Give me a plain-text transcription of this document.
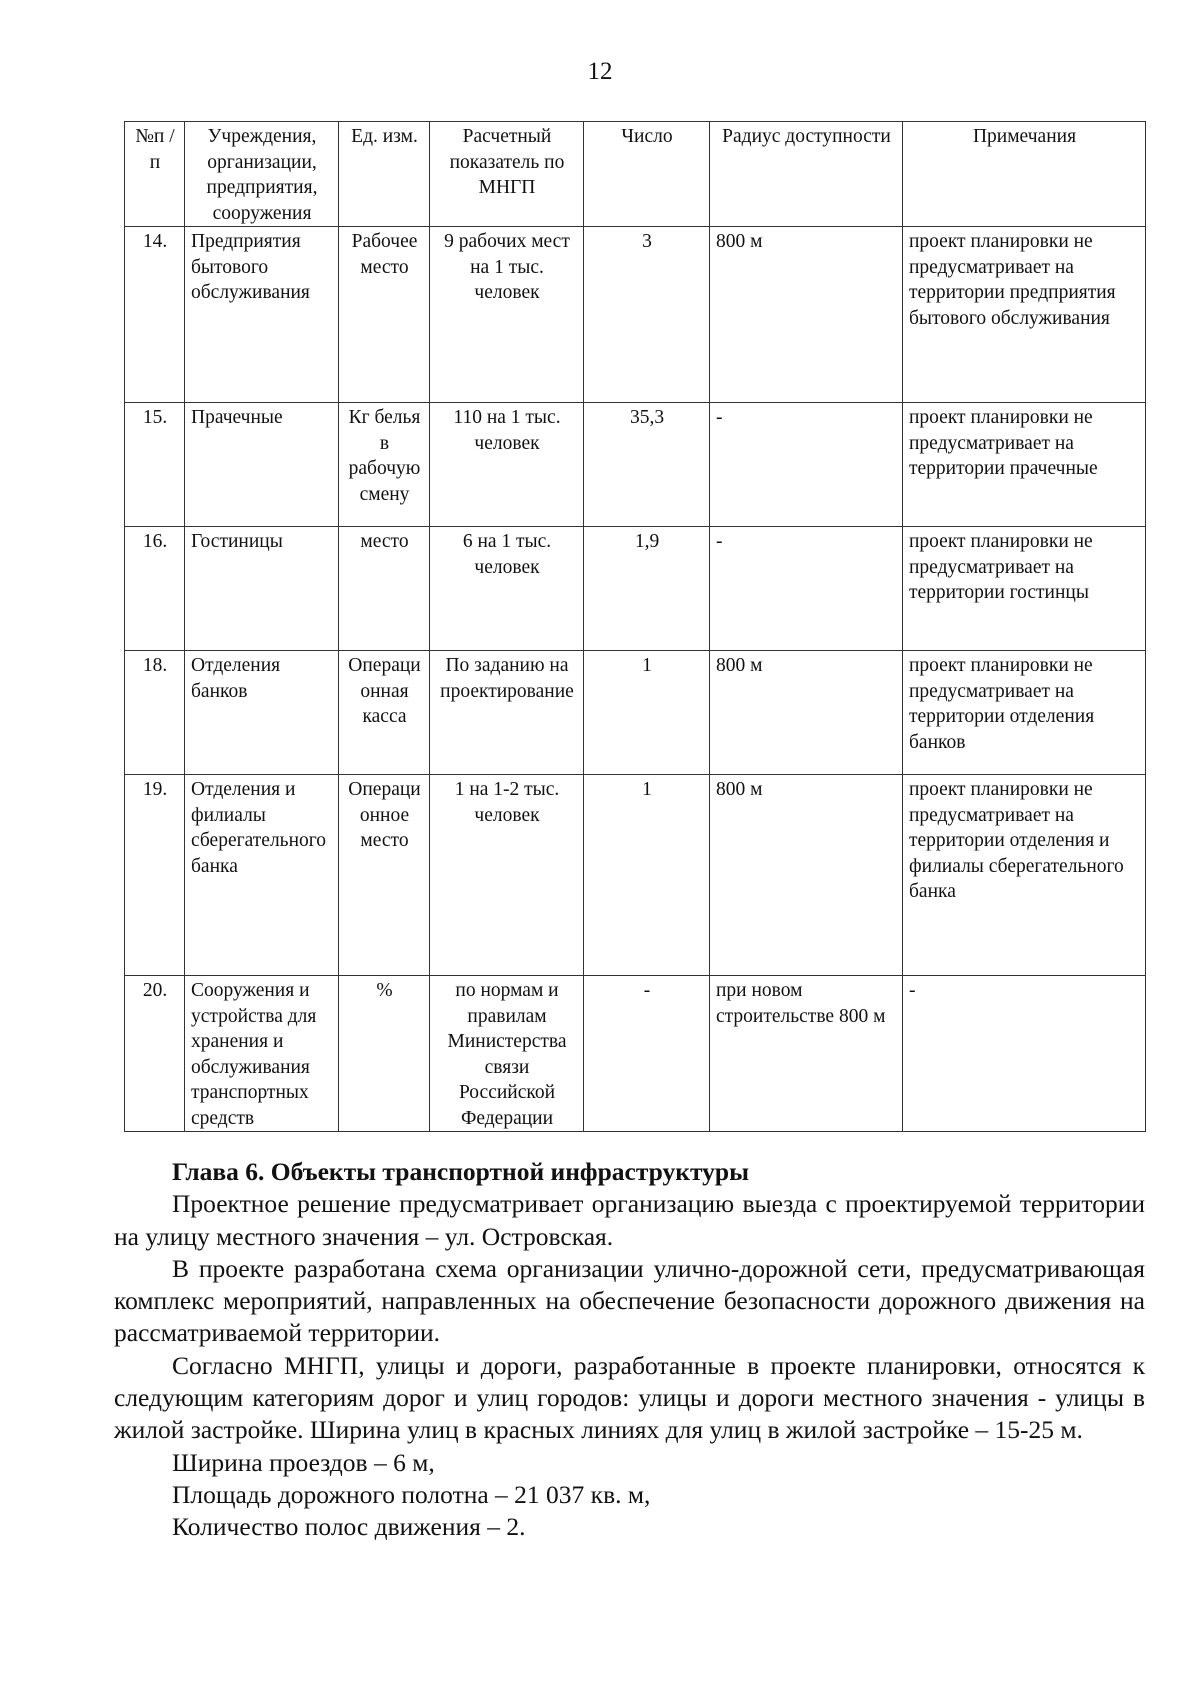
12
№п /п	Учреждения, организации, предприятия, сооружения	Ед. изм.	Расчетный показатель по МНГП	Число	Радиус доступности	Примечания
14.	Предприятия бытового обслуживания	Рабочее место	9 рабочих мест на 1 тыс. человек	3	800 м	проект планировки не предусматривает на территории предприятия бытового обслуживания
15.	Прачечные	Кг белья в рабочую смену	110 на 1 тыс. человек	35,3	-	проект планировки не предусматривает на территории прачечные
16.	Гостиницы	место	6 на 1 тыс. человек	1,9	-	проект планировки не предусматривает на территории гостинцы
18.	Отделения банков	Операционная касса	По заданию на проектирование	1	800 м	проект планировки не предусматривает на территории отделения банков
19.	Отделения и филиалы сберегательного банка	Операционное место	1 на 1-2 тыс. человек	1	800 м	проект планировки не предусматривает на территории отделения и филиалы сберегательного банка
20.	Сооружения и устройства для хранения и обслуживания транспортных средств	%	по нормам и правилам Министерства связи Российской Федерации	-	при новом строительстве 800 м	-

Глава 6. Объекты транспортной инфраструктуры

Проектное решение предусматривает организацию выезда с проектируемой территории на улицу местного значения – ул. Островская.

В проекте разработана схема организации улично-дорожной сети, предусматривающая комплекс мероприятий, направленных на обеспечение безопасности дорожного движения на рассматриваемой территории.

Согласно МНГП, улицы и дороги, разработанные в проекте планировки, относятся к следующим категориям дорог и улиц городов: улицы и дороги местного значения - улицы в жилой застройке. Ширина улиц в красных линиях для улиц в жилой застройке – 15-25 м.

Ширина проездов – 6 м,

Площадь дорожного полотна – 21 037 кв. м,

Количество полос движения – 2.
